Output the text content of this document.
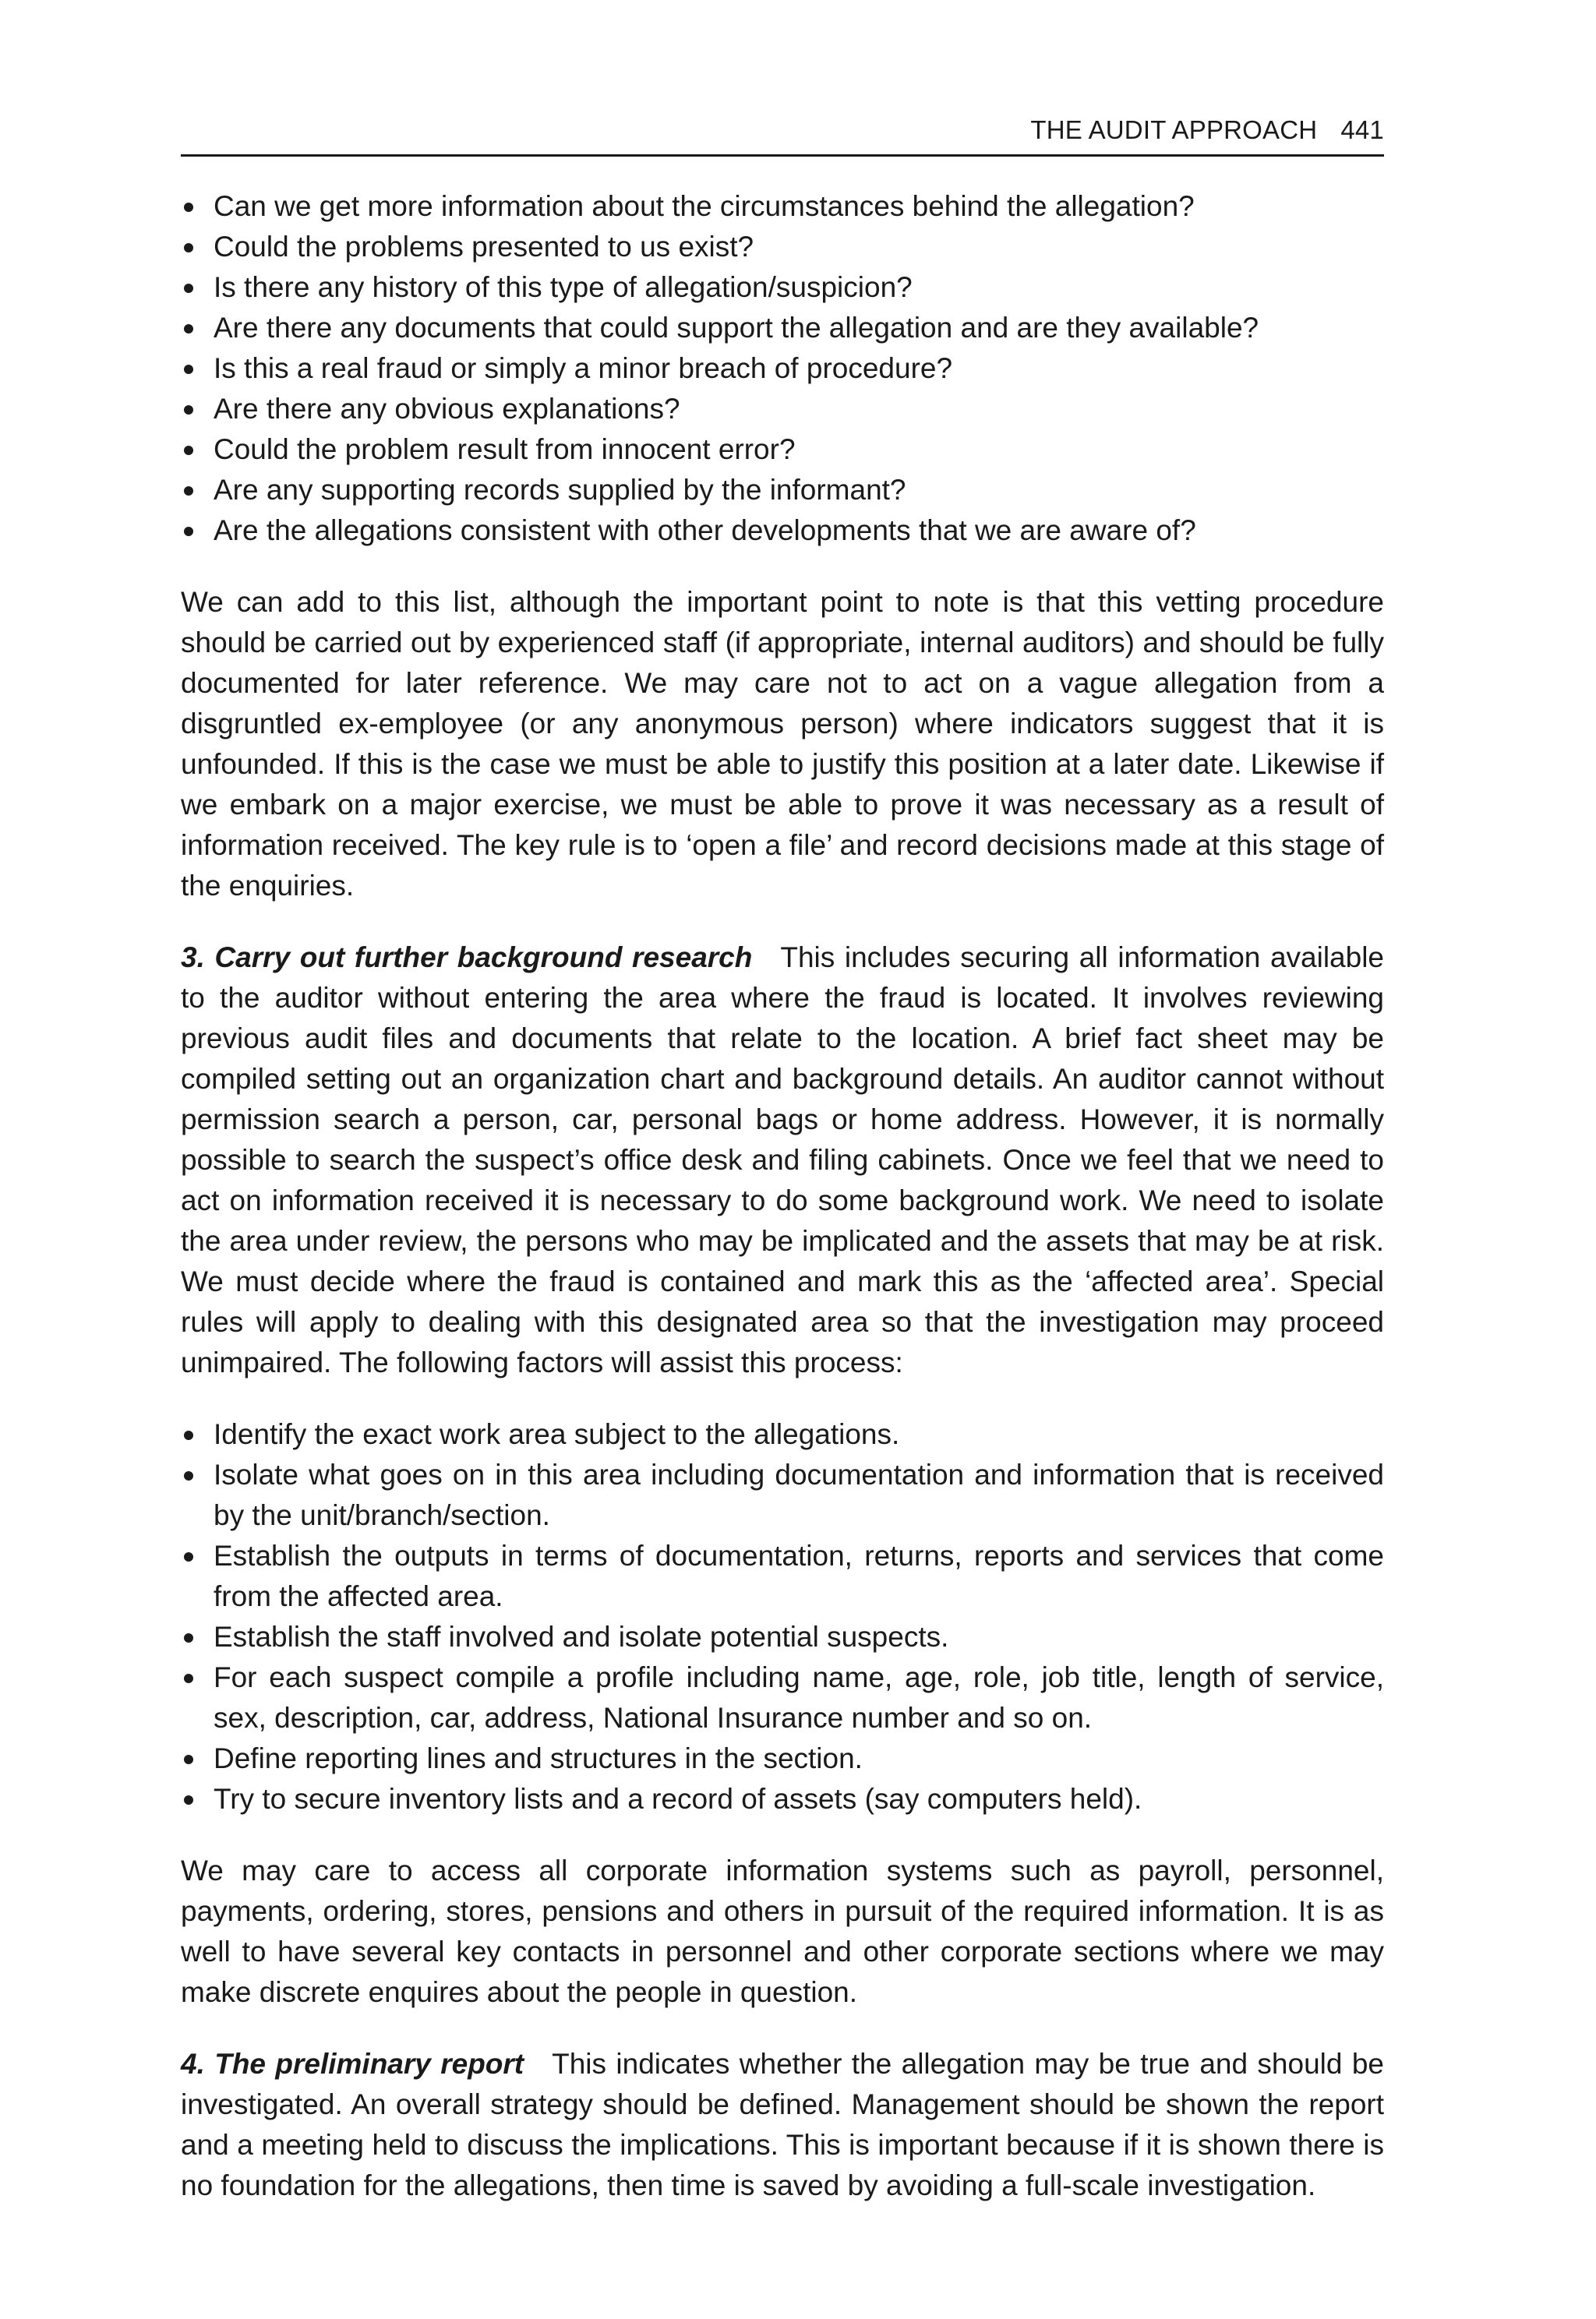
THE AUDIT APPROACH 441
Can we get more information about the circumstances behind the allegation?
Could the problems presented to us exist?
Is there any history of this type of allegation/suspicion?
Are there any documents that could support the allegation and are they available?
Is this a real fraud or simply a minor breach of procedure?
Are there any obvious explanations?
Could the problem result from innocent error?
Are any supporting records supplied by the informant?
Are the allegations consistent with other developments that we are aware of?

We can add to this list, although the important point to note is that this vetting procedure should be carried out by experienced staff (if appropriate, internal auditors) and should be fully documented for later reference. We may care not to act on a vague allegation from a disgruntled ex-employee (or any anonymous person) where indicators suggest that it is unfounded. If this is the case we must be able to justify this position at a later date. Likewise if we embark on a major exercise, we must be able to prove it was necessary as a result of information received. The key rule is to ‘open a file’ and record decisions made at this stage of the enquiries.

3. Carry out further background research This includes securing all information available to the auditor without entering the area where the fraud is located. It involves reviewing previous audit files and documents that relate to the location. A brief fact sheet may be compiled setting out an organization chart and background details. An auditor cannot without permission search a person, car, personal bags or home address. However, it is normally possible to search the suspect’s office desk and filing cabinets. Once we feel that we need to act on information received it is necessary to do some background work. We need to isolate the area under review, the persons who may be implicated and the assets that may be at risk. We must decide where the fraud is contained and mark this as the ‘affected area’. Special rules will apply to dealing with this designated area so that the investigation may proceed unimpaired. The following factors will assist this process:

Identify the exact work area subject to the allegations.
Isolate what goes on in this area including documentation and information that is received by the unit/branch/section.
Establish the outputs in terms of documentation, returns, reports and services that come from the affected area.
Establish the staff involved and isolate potential suspects.
For each suspect compile a profile including name, age, role, job title, length of service, sex, description, car, address, National Insurance number and so on.
Define reporting lines and structures in the section.
Try to secure inventory lists and a record of assets (say computers held).

We may care to access all corporate information systems such as payroll, personnel, payments, ordering, stores, pensions and others in pursuit of the required information. It is as well to have several key contacts in personnel and other corporate sections where we may make discrete enquires about the people in question.

4. The preliminary report This indicates whether the allegation may be true and should be investigated. An overall strategy should be defined. Management should be shown the report and a meeting held to discuss the implications. This is important because if it is shown there is no foundation for the allegations, then time is saved by avoiding a full-scale investigation.
